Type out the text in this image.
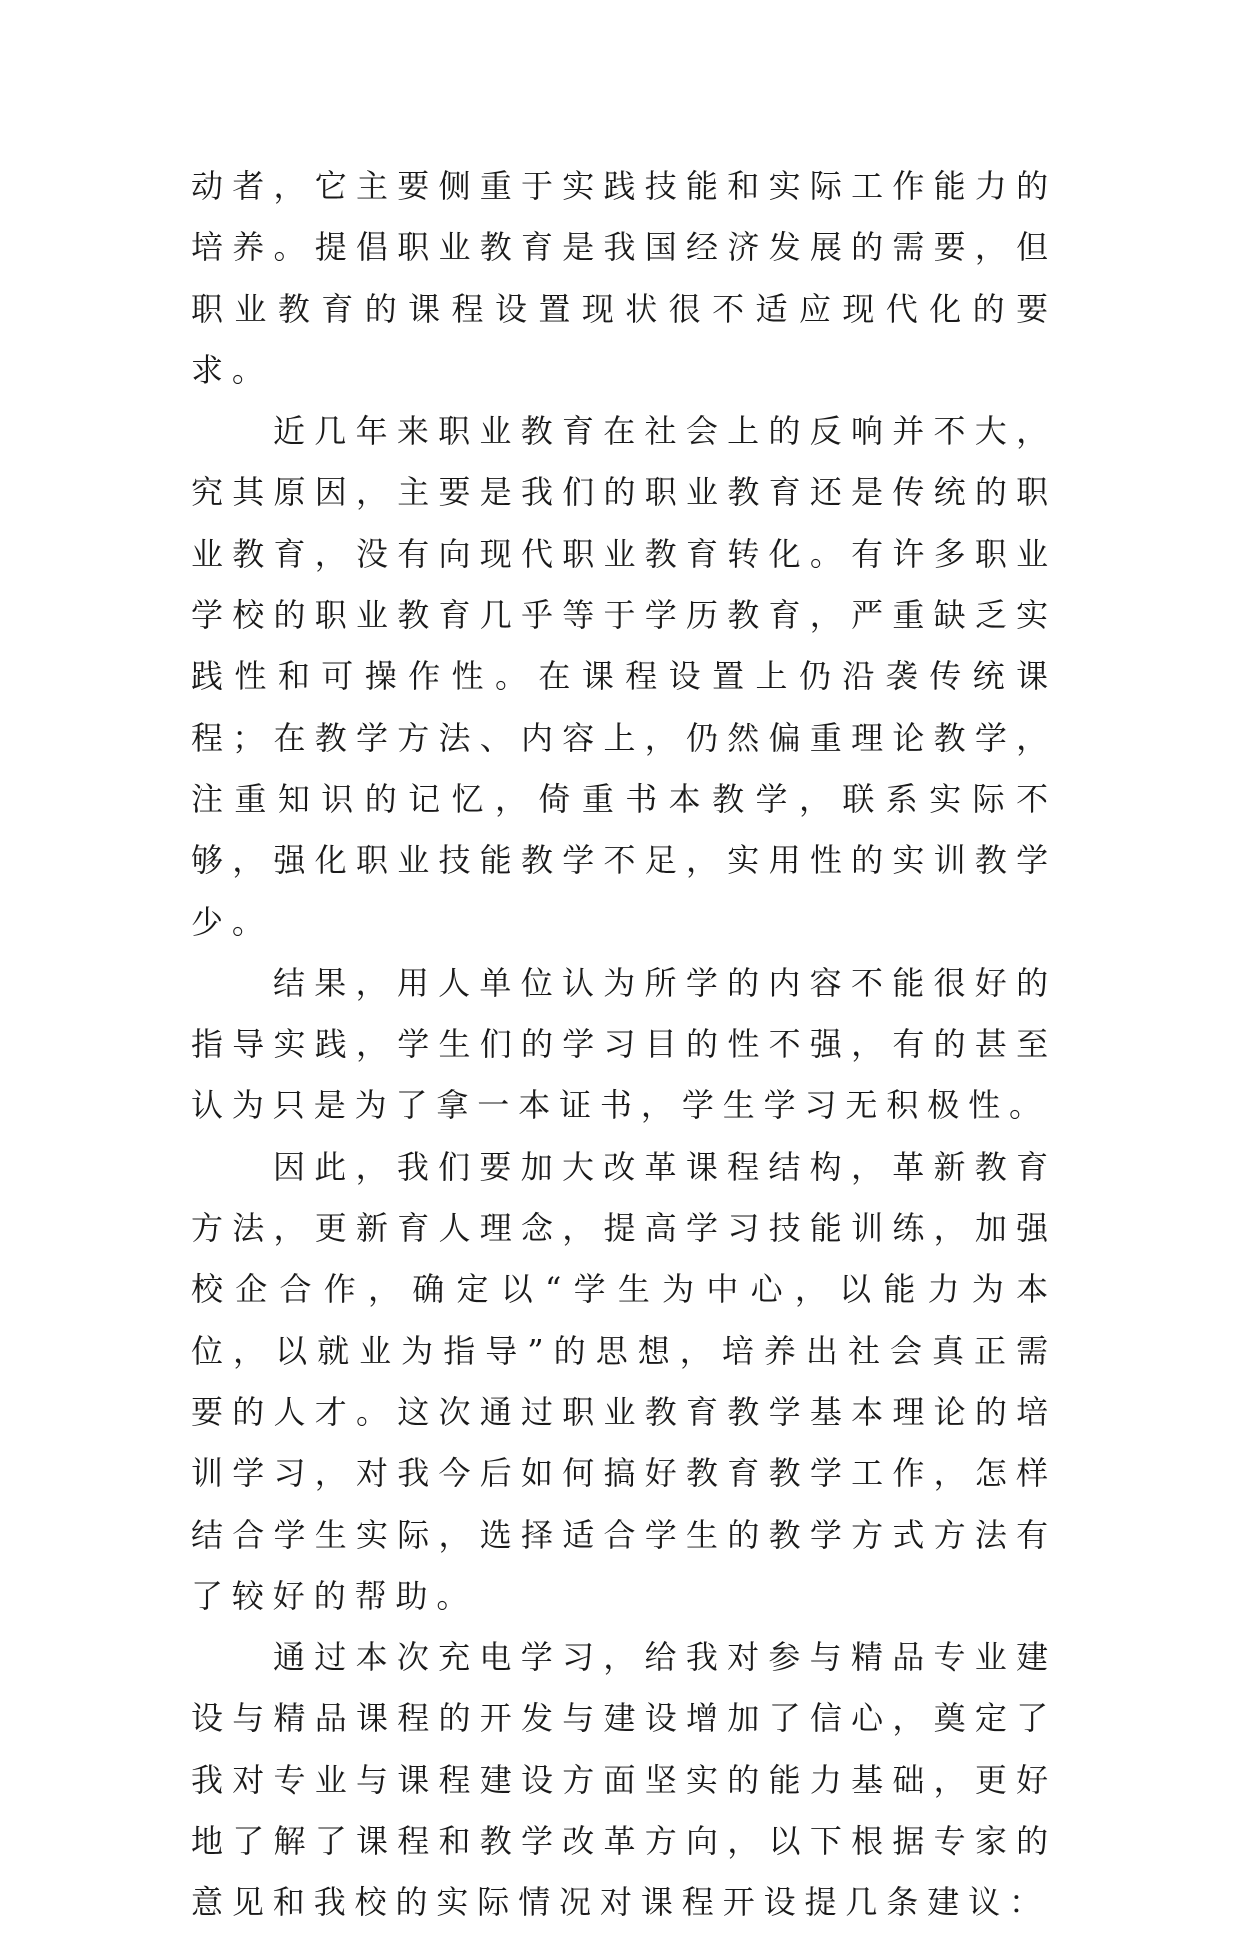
动者，它主要侧重于实践技能和实际工作能力的培养。提倡职业教育是我国经济发展的需要，但职业教育的课程设置现状很不适应现代化的要求。

近几年来职业教育在社会上的反响并不大，究其原因，主要是我们的职业教育还是传统的职业教育，没有向现代职业教育转化。有许多职业学校的职业教育几乎等于学历教育，严重缺乏实践性和可操作性。在课程设置上仍沿袭传统课程；在教学方法、内容上，仍然偏重理论教学，注重知识的记忆，倚重书本教学，联系实际不够，强化职业技能教学不足，实用性的实训教学少。

结果，用人单位认为所学的内容不能很好的指导实践，学生们的学习目的性不强，有的甚至认为只是为了拿一本证书，学生学习无积极性。

因此，我们要加大改革课程结构，革新教育方法，更新育人理念，提高学习技能训练，加强校企合作，确定以“学生为中心，以能力为本位，以就业为指导”的思想，培养出社会真正需要的人才。这次通过职业教育教学基本理论的培训学习，对我今后如何搞好教育教学工作，怎样结合学生实际，选择适合学生的教学方式方法有了较好的帮助。

通过本次充电学习，给我对参与精品专业建设与精品课程的开发与建设增加了信心，奠定了我对专业与课程建设方面坚实的能力基础，更好地了解了课程和教学改革方向，以下根据专家的意见和我校的实际情况对课程开设提几条建议：
